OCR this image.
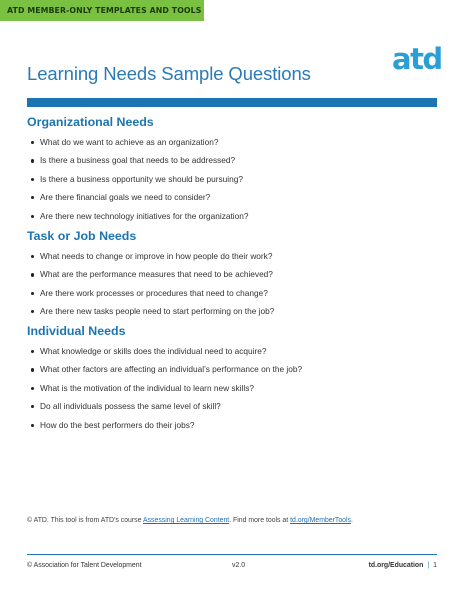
ATD MEMBER-ONLY TEMPLATES AND TOOLS
Learning Needs Sample Questions	atd
Organizational Needs
What do we want to achieve as an organization?
Is there a business goal that needs to be addressed?
Is there a business opportunity we should be pursuing?
Are there financial goals we need to consider?
Are there new technology initiatives for the organization?
Task or Job Needs
What needs to change or improve in how people do their work?
What are the performance measures that need to be achieved?
Are there work processes or procedures that need to change?
Are there new tasks people need to start performing on the job?
Individual Needs
What knowledge or skills does the individual need to acquire?
What other factors are affecting an individual’s performance on the job?
What is the motivation of the individual to learn new skills?
Do all individuals possess the same level of skill?
How do the best performers do their jobs?
© ATD. This tool is from ATD’s course Assessing Learning Content. Find more tools at td.org/MemberTools.
© Association for Talent Development	v2.0	td.org/Education | 1
